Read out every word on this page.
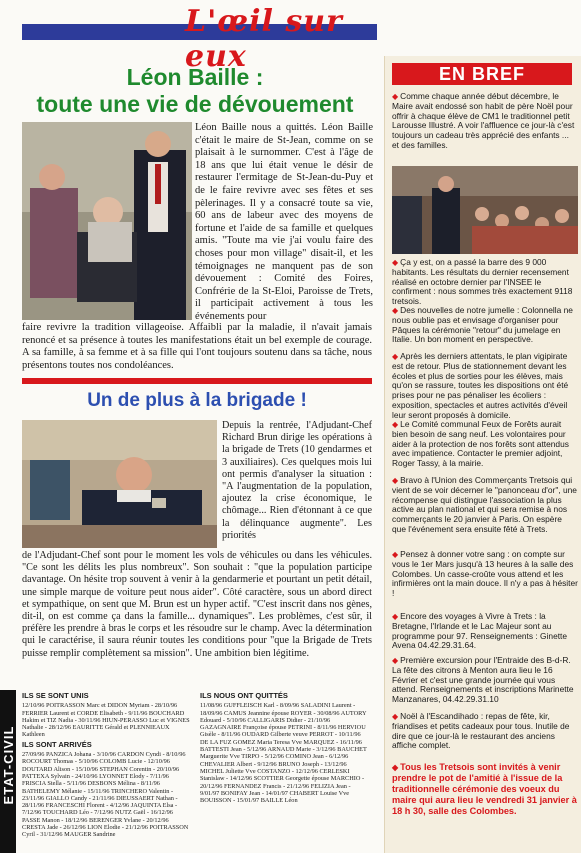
L'œil sur eux
Léon Baille :
toute une vie de dévouement
Léon Baille nous a quittés. Léon Baille c'était le maire de St-Jean, comme on se plaisait à le surnommer. C'est à l'âge de 18 ans que lui était venue le désir de restaurer l'ermitage de St-Jean-du-Puy et de le faire revivre avec ses fêtes et ses pèlerinages. Il y a consacré toute sa vie, 60 ans de labeur avec des moyens de fortune et l'aide de sa famille et quelques amis. "Toute ma vie j'ai voulu faire des choses pour mon village" disait-il, et les témoignages ne manquent pas de son dévouement : Comité des Foires, Confrérie de la St-Eloi, Paroisse de Trets, il participait activement à tous les événements pour
faire revivre la tradition villageoise. Affaibli par la maladie, il n'avait jamais renoncé et sa présence à toutes les manifestations était un bel exemple de courage. A sa famille, à sa femme et à sa fille qui l'ont toujours soutenu dans sa tâche, nous présentons toutes nos condoléances.
Un de plus à la brigade !
Depuis la rentrée, l'Adjudant-Chef Richard Brun dirige les opérations à la brigade de Trets (10 gendarmes et 3 auxiliaires). Ces quelques mois lui ont permis d'analyser la situation : "A l'augmentation de la population, ajoutez la crise économique, le chômage... Rien d'étonnant à ce que la délinquance augmente". Les priorités
de l'Adjudant-Chef sont pour le moment les vols de véhicules ou dans les véhicules. "Ce sont les délits les plus nombreux". Son souhait : "que la population participe davantage. On hésite trop souvent à venir à la gendarmerie et pourtant un petit détail, une simple marque de voiture peut nous aider". Côté caractère, sous un abord direct et sympathique, on sent que M. Brun est un hyper actif. "C'est inscrit dans nos gènes, dit-il, on est comme ça dans la famille... dynamiques". Les problèmes, c'est sûr, il préfère les prendre à bras le corps et les résoudre sur le champ. Avec la détermination qui le caractérise, il saura réunir toutes les conditions pour "que la Brigade de Trets puisse remplir complètement sa mission". Une ambition bien légitime.
ETAT-CIVIL
ILS SE SONT UNIS
12/10/96 POITRASSON Marc et DIDON Myriam - 28/10/96 FERRIER Laurent et CORDE Elisabeth - 9/11/96 BOUCHARD Hakim et TIZ Nadia - 30/11/96 HIUN-PERASSO Luc et VIGNES Nathalie - 28/12/96 EAURITTE Gérald et PLENNIEAUX Kathleen
ILS SONT ARRIVÉS
27/09/96 PANZICA Johana - 3/10/96 CARDON Cyndi - 8/10/96 ROCOURT Thomas - 5/10/96 COLOMB Lucie - 12/10/96 DOUTARD Alison - 15/10/96 STEPHAN Corentin - 20/10/96 PATTEXA Sylvain - 24/10/96 LYONNET Elody - 7/11/96 FRISCIA Stella - 5/11/96 DESBONS Mélina - 8/11/96 BATHELEMY Mélanie - 15/11/96 TRINCHERO Valentin - 23/11/96 GIALLO Candy - 21/11/96 DIEUSSAERT Nathan - 28/11/96 FRANCESCHI Florent - 4/12/96 JAQUINTA Elsa - 7/12/96 TOUCHARD Léo - 7/12/96 NUTZ Gaël - 16/12/96 PASSE Manon - 18/12/96 BERENGER Yvlane - 20/12/96 CRESTA Jade - 26/12/96 LION Elodie - 21/12/96 POITRASSON Cyril - 31/12/96 MAUGER Sandrine
ILS NOUS ONT QUITTÉS
11/08/96 GUFFLEISCH Karl - 8/09/96 SALADINI Laurent - 18/09/96 CAMUS Jeannine épouse ROYER - 30/08/96 AUTORY Edouard - 5/10/96 CALLIGARIS Didier - 21/10/96 GAZAGNAIRE Françoise épouse PETRINI - 8/11/96 HERVIOU Gisèle - 8/11/96 OUDARD Gilberte veuve PERROT - 10/11/96 DE LA FUZ GOMEZ Maria Teresa Vve MARQUEZ - 16/11/96 BATTESTI Jean - 5/12/96 ARNAUD Marie - 3/12/96 BAUCHET Marguerite Vve TIRPO - 5/12/96 COMINO Jean - 6/12/96 CHEVALIER Albert - 9/12/96 BRUNO Joseph - 13/12/96 MICHEL Juliette Vve COSTANZO - 12/12/96 CERLESKI Stanislaw - 14/12/96 SCOTTIER Georgette épouse MARCHIO - 20/12/96 FERNANDEZ Francis - 21/12/96 FELIZIA Jean - 9/01/97 BONIFAY Jean - 14/01/97 CHABERT Louise Vve BOUISSON - 15/01/97 BAILLE Léon
EN BREF
◆ Comme chaque année début décembre, le Maire avait endossé son habit de père Noël pour offrir à chaque élève de CM1 le traditionnel petit Larousse Illustré. A voir l'affluence ce jour-là c'est toujours un cadeau très apprécié des enfants ... et des familles.
◆ Ça y est, on a passé la barre des 9 000 habitants. Les résultats du dernier recensement réalisé en octobre dernier par l'INSEE le confirment : nous sommes très exactement 9118 tretsois.
◆ Des nouvelles de notre jumelle : Colonnella ne nous oublie pas et envisage d'organiser pour Pâques la cérémonie "retour" du jumelage en Italie. Un bon moment en perspective.
◆ Après les derniers attentats, le plan vigipirate est de retour. Plus de stationnement devant les écoles et plus de sorties pour les élèves, mais qu'on se rassure, toutes les dispositions ont été prises pour ne pas pénaliser les écoliers : exposition, spectacles et autres activités d'éveil leur seront proposés à domicile.
◆ Le Comité communal Feux de Forêts aurait bien besoin de sang neuf. Les volontaires pour aider à la protection de nos forêts sont attendus avec impatience. Contacter le premier adjoint, Roger Tassy, à la mairie.
◆ Bravo à l'Union des Commerçants Tretsois qui vient de se voir décerner le "panonceau d'or", une récompense qui distingue l'association la plus active au plan national et qui sera remise à nos commerçants le 20 janvier à Paris. On espère que l'événement sera ensuite fêté à Trets.
◆ Pensez à donner votre sang : on compte sur vous le 1er Mars jusqu'à 13 heures à la salle des Colombes. Un casse-croûte vous attend et les infirmières ont la main douce. Il n'y a pas à hésiter !
◆ Encore des voyages à Vivre à Trets : la Bretagne, l'Irlande et le Lac Majeur sont au programme pour 97. Renseignements : Ginette Avena 04.42.29.31.64.
◆ Première excursion pour l'Entraide des B-d-R. La fête des citrons à Menton aura lieu le 16 Février et c'est une grande journée qui vous attend. Renseignements et inscriptions Marinette Manzanares, 04.42.29.31.10
◆ Noël à l'Escandihado : repas de fête, kir, friandises et petits cadeaux pour tous. Inutile de dire que ce jour-là le restaurant des anciens affiche complet.
◆ Tous les Tretsois sont invités à venir prendre le pot de l'amitié à l'issue de la traditionnelle cérémonie des voeux du maire qui aura lieu le vendredi 31 janvier à 18 h 30, salle des Colombes.
